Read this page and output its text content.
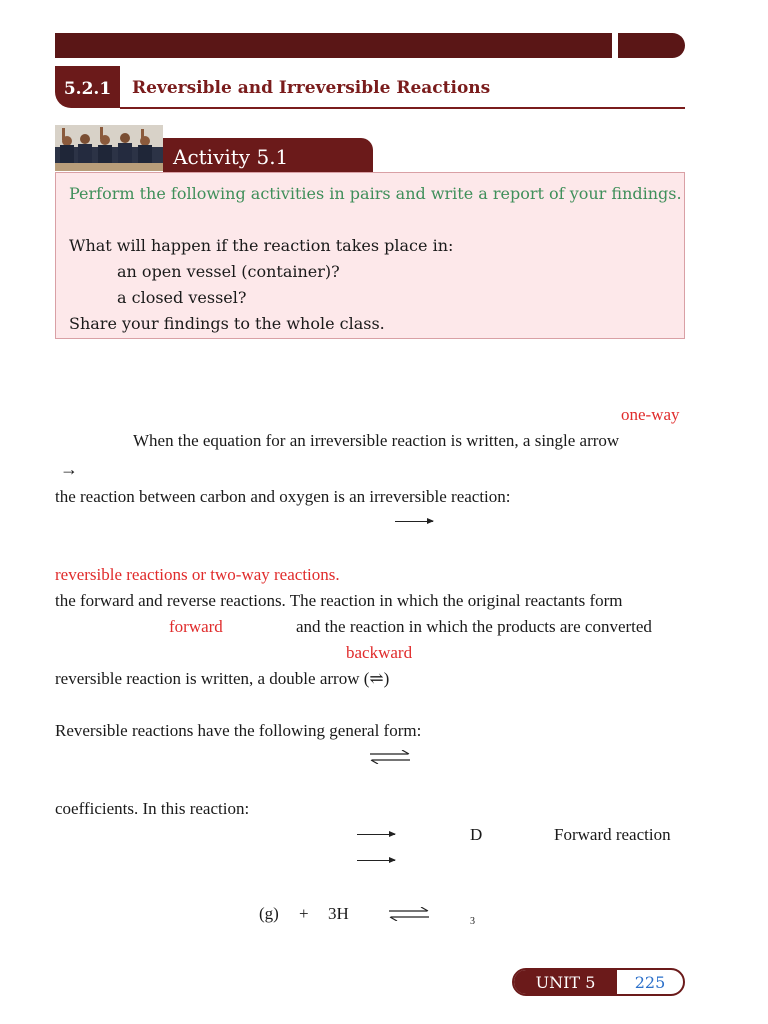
5.2.1	Reversible and Irreversible Reactions
Activity 5.1
Perform the following activities in pairs and write a report of your findings.
What will happen if the reaction takes place in:
an open vessel (container)?
a closed vessel?
Share your findings to the whole class.
one-way
When the equation for an irreversible reaction is written, a single arrow
→
the reaction between carbon and oxygen is an irreversible reaction:
reversible reactions or two-way reactions.
the forward and reverse reactions. The reaction in which the original reactants form
forward	and the reaction in which the products are converted
backward
reversible reaction is written, a double arrow (⇌)
Reversible reactions have the following general form:
coefficients. In this reaction:
D	Forward reaction
(g) + 3H	3
UNIT 5	225
